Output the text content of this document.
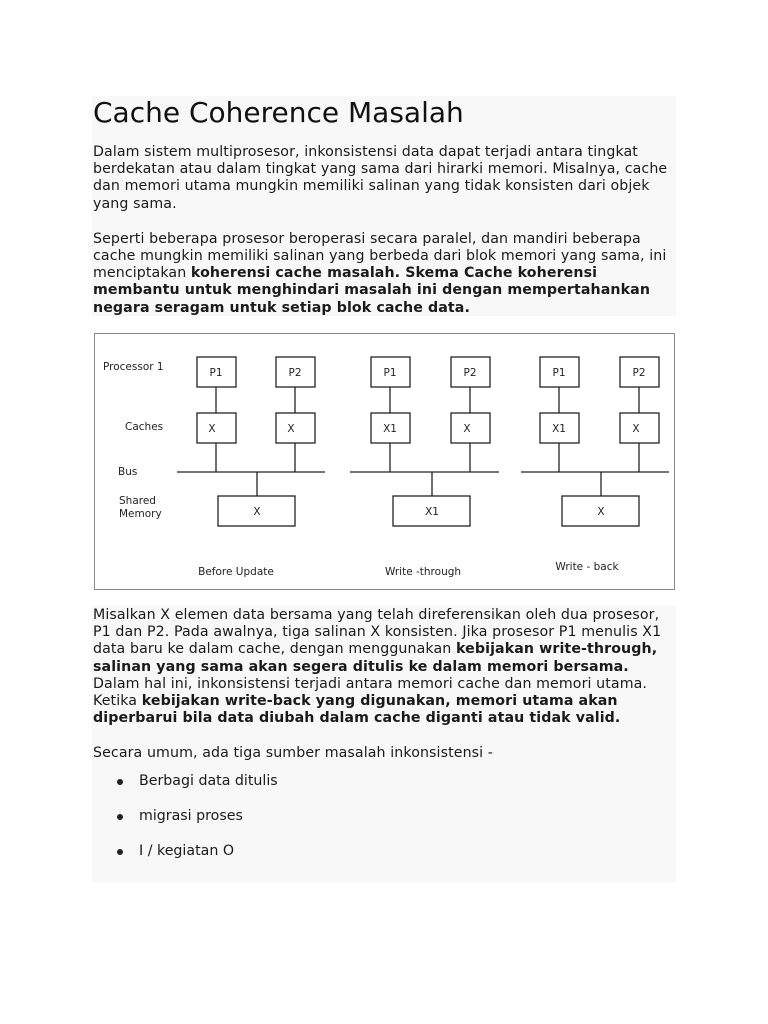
Cache Coherence Masalah

Dalam sistem multiprosesor, inkonsistensi data dapat terjadi antara tingkat berdekatan atau dalam tingkat yang sama dari hirarki memori. Misalnya, cache dan memori utama mungkin memiliki salinan yang tidak konsisten dari objek yang sama.

Seperti beberapa prosesor beroperasi secara paralel, dan mandiri beberapa cache mungkin memiliki salinan yang berbeda dari blok memori yang sama, ini menciptakan koherensi cache masalah. Skema Cache koherensi membantu untuk menghindari masalah ini dengan mempertahankan negara seragam untuk setiap blok cache data.

Processor 1
Caches
Bus
Shared
Memory
P1	P2
X	X
X
Before Update
P1	P2
X1	X
X1
Write -through
P1	P2
X1	X
X
Write - back

Misalkan X elemen data bersama yang telah direferensikan oleh dua prosesor, P1 dan P2. Pada awalnya, tiga salinan X konsisten. Jika prosesor P1 menulis X1 data baru ke dalam cache, dengan menggunakan kebijakan write-through, salinan yang sama akan segera ditulis ke dalam memori bersama. Dalam hal ini, inkonsistensi terjadi antara memori cache dan memori utama. Ketika kebijakan write-back yang digunakan, memori utama akan diperbarui bila data diubah dalam cache diganti atau tidak valid.

Secara umum, ada tiga sumber masalah inkonsistensi -

Berbagi data ditulis
migrasi proses
I / kegiatan O
